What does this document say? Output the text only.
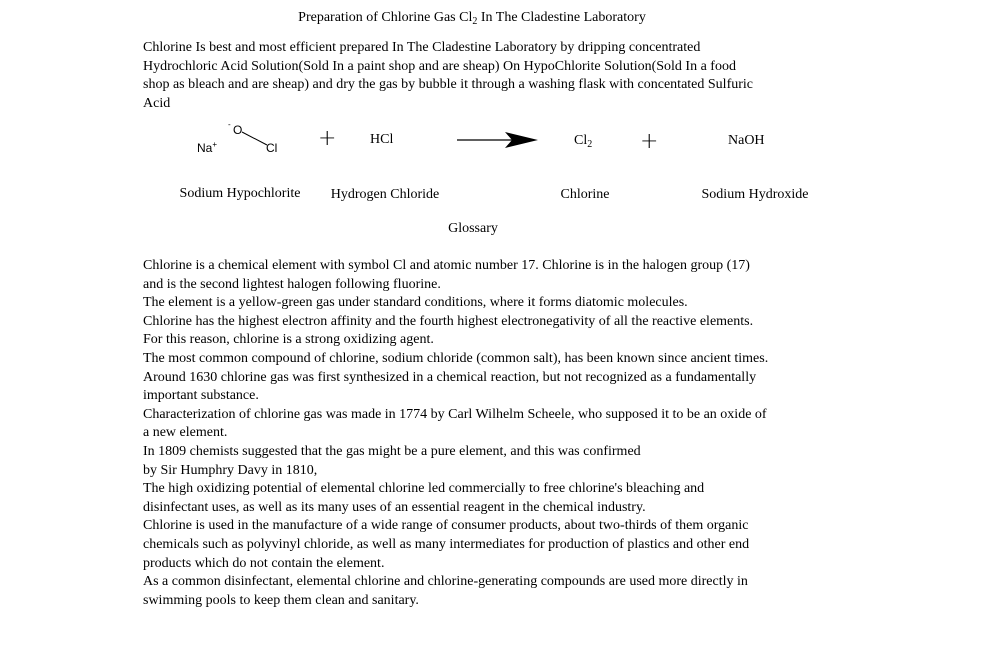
Preparation of Chlorine Gas $Cl_2$ In The Cladestine Laboratory

Chlorine Is best and most efficient prepared In The Cladestine Laboratory by dripping concentrated

Hydrochloric Acid Solution(Sold In a paint shop and are sheap) On HypoChlorite Solution(Sold In a food

shop as bleach and are sheap) and dry the gas by bubble it through a washing flask with concentated Sulfuric

Acid

- O
Cl
Na+	+ HCl	$Cl_2$ +	NaOH
Sodium Hypochlorite	Hydrogen Chloride	Chlorine	Sodium Hydroxide
Glossary

Chlorine is a chemical element with symbol Cl and atomic number 17. Chlorine is in the halogen group (17)

and is the second lightest halogen following fluorine.

The element is a yellow-green gas under standard conditions, where it forms diatomic molecules.

Chlorine has the highest electron affinity and the fourth highest electronegativity of all the reactive elements.

For this reason, chlorine is a strong oxidizing agent.

The most common compound of chlorine, sodium chloride (common salt), has been known since ancient times.

Around 1630 chlorine gas was first synthesized in a chemical reaction, but not recognized as a fundamentally

important substance.

Characterization of chlorine gas was made in 1774 by Carl Wilhelm Scheele, who supposed it to be an oxide of

a new element.

In 1809 chemists suggested that the gas might be a pure element, and this was confirmed

by Sir Humphry Davy in 1810,

The high oxidizing potential of elemental chlorine led commercially to free chlorine's bleaching and

disinfectant uses, as well as its many uses of an essential reagent in the chemical industry.

Chlorine is used in the manufacture of a wide range of consumer products, about two-thirds of them organic

chemicals such as polyvinyl chloride, as well as many intermediates for production of plastics and other end

products which do not contain the element.

As a common disinfectant, elemental chlorine and chlorine-generating compounds are used more directly in

swimming pools to keep them clean and sanitary.
